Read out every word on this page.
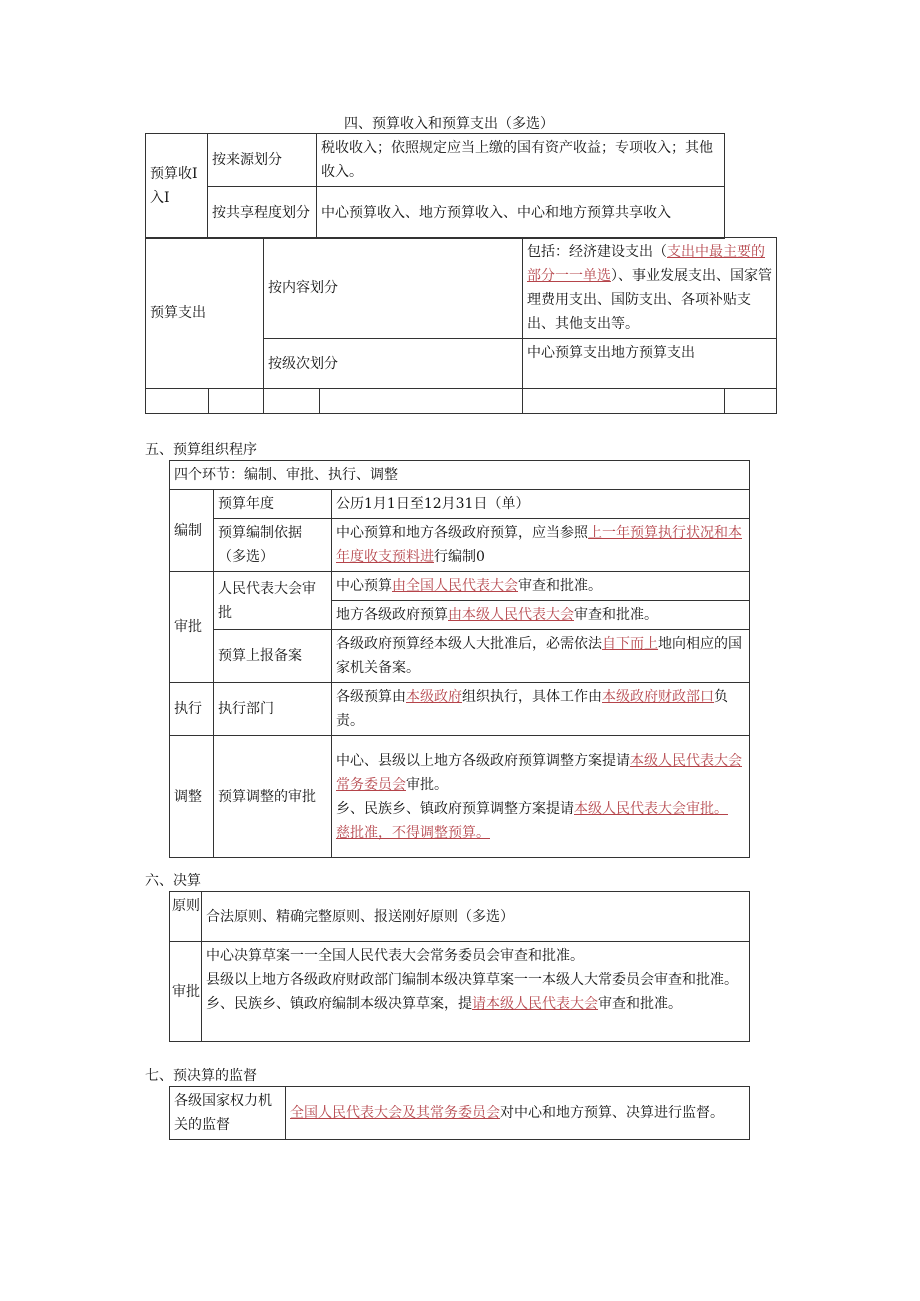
四、预算收入和预算支出（多选）
预算收I入I	按来源划分	税收收入；依照规定应当上缴的国有资产收益；专项收入；其他收入。
	按共享程度划分	中心预算收入、地方预算收入、中心和地方预算共享收入
预算支出		按内容划分		包括：经济建设支出（支出中最主要的部分一一单选）、事业发展支出、国家管理费用支出、国防支出、各项补贴支出、其他支出等。	
		按级次划分		中心预算支出地方预算支出	

五、预算组织程序
四个环节：编制、审批、执行、调整		
编制	预算年度	公历1月1日至12月31日（单）
	预算编制依据（多选）	中心预算和地方各级政府预算，应当参照上一年预算执行状况和本年度收支预料进行编制0
审批	人民代表大会审批	中心预算由全国人民代表大会审查和批准。
		地方各级政府预算由本级人民代表大会审查和批准。
	预算上报备案	各级政府预算经本级人大批准后，必需依法自下而上地向相应的国家机关备案。
执行	执行部门	各级预算由本级政府组织执行，具体工作由本级政府财政部口负责。
调整	预算调整的审批	中心、县级以上地方各级政府预算调整方案提请本级人民代表大会常务委员会审批。
乡、民族乡、镇政府预算调整方案提请本级人民代表大会审批。
慈批准，不得调整预算。
六、决算
原则	合法原则、精确完整原则、报送刚好原则（多选）
审批	中心决算草案一一全国人民代表大会常务委员会审查和批准。
县级以上地方各级政府财政部门编制本级决算草案一一本级人大常委员会审查和批准。
乡、民族乡、镇政府编制本级决算草案，提请本级人民代表大会审查和批准。
七、预决算的监督
各级国家权力机关的监督	全国人民代表大会及其常务委员会对中心和地方预算、决算进行监督。
